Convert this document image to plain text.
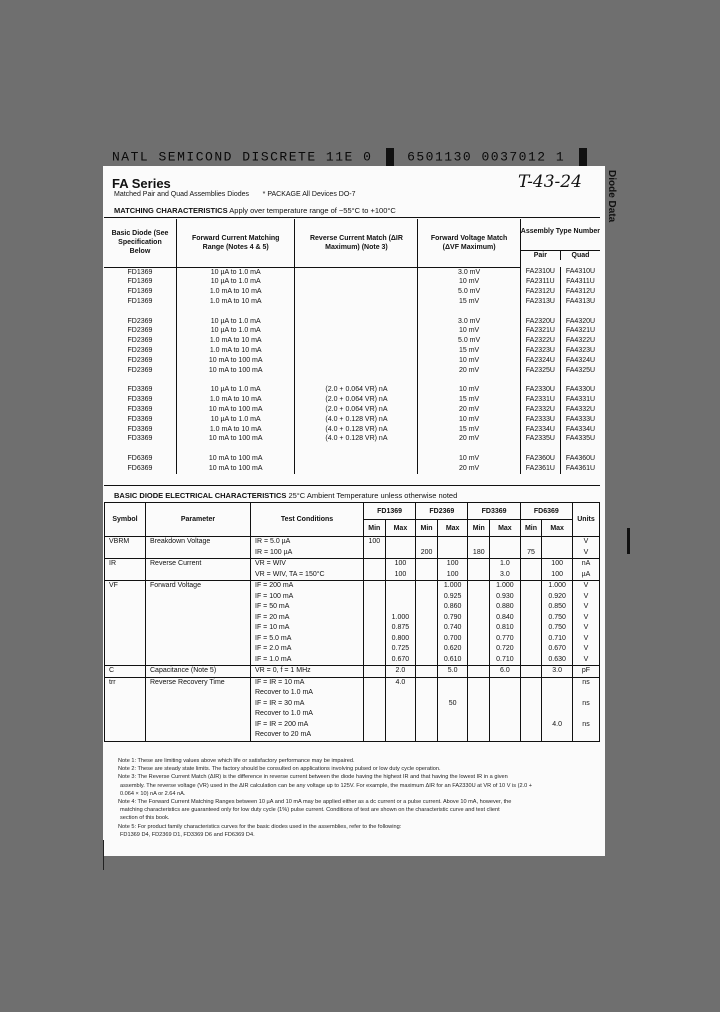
NATL SEMICOND DISCRETE 11E 0	6501130 0037012 1
Diode Data
T-43-24
FA Series
Matched Pair and Quad Assemblies Diodes * PACKAGE All Devices DO-7
MATCHING CHARACTERISTICS Apply over temperature range of −55°C to +100°C
Basic Diode (See Specification Below	Forward Current Matching Range (Notes 4 & 5)	Reverse Current Match (ΔIR Maximum) (Note 3)	Forward Voltage Match (ΔVF Maximum)	Assembly Type Number
Pair Quad	

FD1369	10 µA to 1.0 mA		3.0 mV	FA2310U	FA4310U
FD1369	10 µA to 1.0 mA		10 mV	FA2311U	FA4311U
FD1369	1.0 mA to 10 mA		5.0 mV	FA2312U	FA4312U
FD1369	1.0 mA to 10 mA		15 mV	FA2313U	FA4313U

FD2369	10 µA to 1.0 mA		3.0 mV	FA2320U	FA4320U
FD2369	10 µA to 1.0 mA		10 mV	FA2321U	FA4321U
FD2369	1.0 mA to 10 mA		5.0 mV	FA2322U	FA4322U
FD2369	1.0 mA to 10 mA		15 mV	FA2323U	FA4323U
FD2369	10 mA to 100 mA		10 mV	FA2324U	FA4324U
FD2369	10 mA to 100 mA		20 mV	FA2325U	FA4325U

FD3369	10 µA to 1.0 mA	(2.0 + 0.064 VR) nA	10 mV	FA2330U	FA4330U
FD3369	1.0 mA to 10 mA	(2.0 + 0.064 VR) nA	15 mV	FA2331U	FA4331U
FD3369	10 mA to 100 mA	(2.0 + 0.064 VR) nA	20 mV	FA2332U	FA4332U
FD3369	10 µA to 1.0 mA	(4.0 + 0.128 VR) nA	10 mV	FA2333U	FA4333U
FD3369	1.0 mA to 10 mA	(4.0 + 0.128 VR) nA	15 mV	FA2334U	FA4334U
FD3369	10 mA to 100 mA	(4.0 + 0.128 VR) nA	20 mV	FA2335U	FA4335U

FD6369	10 mA to 100 mA		10 mV	FA2360U	FA4360U
FD6369	10 mA to 100 mA		20 mV	FA2361U	FA4361U
BASIC DIODE ELECTRICAL CHARACTERISTICS 25°C Ambient Temperature unless otherwise noted
Symbol	Parameter	Test Conditions	FD1369		FD2369		FD3369		FD6369		Units
			Min	Max	Min	Max	Min	Max	Min	Max	
VBRM	Breakdown Voltage	IR = 5.0 µA	100								V
		IR = 100 µA			200		180		75		V
IR	Reverse Current	VR = WIV		100		100		1.0		100	nA
		VR = WIV, TA = 150°C		100		100		3.0		100	µA
VF	Forward Voltage	IF = 200 mA				1.000		1.000		1.000	V
		IF = 100 mA				0.925		0.930		0.920	V
		IF = 50 mA				0.860		0.880		0.850	V
		IF = 20 mA		1.000		0.790		0.840		0.750	V
		IF = 10 mA		0.875		0.740		0.810		0.750	V
		IF = 5.0 mA		0.800		0.700		0.770		0.710	V
		IF = 2.0 mA		0.725		0.620		0.720		0.670	V
		IF = 1.0 mA		0.670		0.610		0.710		0.630	V
C	Capacitance (Note 5)	VR = 0, f = 1 MHz		2.0		5.0		6.0		3.0	pF
trr	Reverse Recovery Time	IF = IR = 10 mA		4.0							ns
		Recover to 1.0 mA									
		IF = IR = 30 mA				50					ns
		Recover to 1.0 mA									
		IF = IR = 200 mA								4.0	ns
		Recover to 20 mA									
Note 1: These are limiting values above which life or satisfactory performance may be impaired.
Note 2: These are steady state limits. The factory should be consulted on applications involving pulsed or low duty cycle operation.
Note 3: The Reverse Current Match (ΔIR) is the difference in reverse current between the diode having the highest IR and that having the lowest IR in a given
assembly. The reverse voltage (VR) used in the ΔIR calculation can be any voltage up to 125V. For example, the maximum ΔIR for an FA2330U at VR of 10 V is (2.0 +
0.064 × 10) nA or 2.64 nA.
Note 4: The Forward Current Matching Ranges between 10 µA and 10 mA may be applied either as a dc current or a pulse current. Above 10 mA, however, the
matching characteristics are guaranteed only for low duty cycle (1%) pulse current. Conditions of test are shown on the characteristic curve and test client
section of this book.
Note 5: For product family characteristics curves for the basic diodes used in the assemblies, refer to the following:
FD1369 D4, FD2369 D1, FD3369 D6 and FD6369 D4.
